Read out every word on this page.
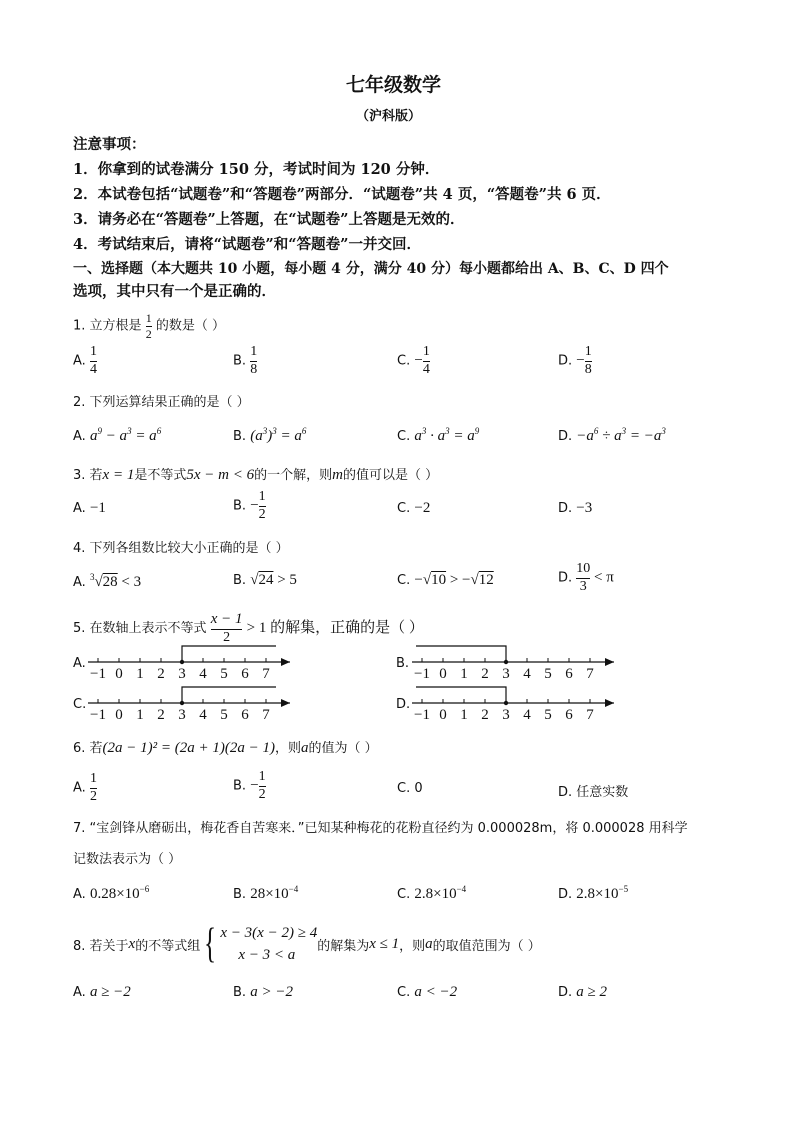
七年级数学
（沪科版）
注意事项：
1．你拿到的试卷满分 150 分，考试时间为 120 分钟．
2．本试卷包括“试题卷”和“答题卷”两部分．“试题卷”共 4 页，“答题卷”共 6 页．
3．请务必在“答题卷”上答题，在“试题卷”上答题是无效的．
4．考试结束后，请将“试题卷”和“答题卷”一并交回．
一、选择题（本大题共 10 小题，每小题 4 分，满分 40 分）每小题都给出 A、B、C、D 四个
选项，其中只有一个是正确的．
1. 立方根是 $\frac{1}{2}$ 的数是（ ）
A. $\frac{1}{4}$	B. $\frac{1}{8}$	C. − $\frac{1}{4}$	D. − $\frac{1}{8}$
2. 下列运算结果正确的是（ ）
A. $a^9 - a^3 = a^6$	B. $(a^3)^3 = a^6$	C. $a^3 \cdot a^3 = a^9$	D. $-a^6 \div a^3 = -a^3$
3. 若x = 1是不等式5x − m < 6的一个解，则m的值可以是（ ）
A. −1	B. − $\frac{1}{2}$	C. −2	D. −3
4. 下列各组数比较大小正确的是（ ）
A. $^3$√28 < 3	B. √24 > 5	C. −√10 > −√12	D. $\frac{10}{3} < \pi$
5. 在数轴上表示不等式 $\frac{x - 1}{2} > 1$ 的解集，正确的是（ ）
A.	B.
C.	D.
−1 0 1 2 3 4 5 6 7	−1 0 1 2 3 4 5 6 7
−1 0 1 2 3 4 5 6 7	−1 0 1 2 3 4 5 6 7
6. 若(2a − 1)² = (2a + 1)(2a − 1)，则a的值为（ ）
A. $\frac{1}{2}$	B. − $\frac{1}{2}$	C. 0	D. 任意实数
7. “宝剑锋从磨砺出，梅花香自苦寒来．”已知某种梅花的花粉直径约为 0.000028m，将 0.000028 用科学
记数法表示为（ ）
A. $0.28\times 10^{-6}$	B. $28\times 10^{-4}$	C. $2.8\times 10^{-4}$	D. $2.8\times 10^{-5}$
8. 若关于 x 的不等式组 { x − 3(x − 2) ≥ 4
x − 3 < a
的解集为 x ≤ 1 ，则 a 的取值范围为（ ）
A. a ≥ −2	B. a > −2	C. a < −2	D. a ≥ 2
